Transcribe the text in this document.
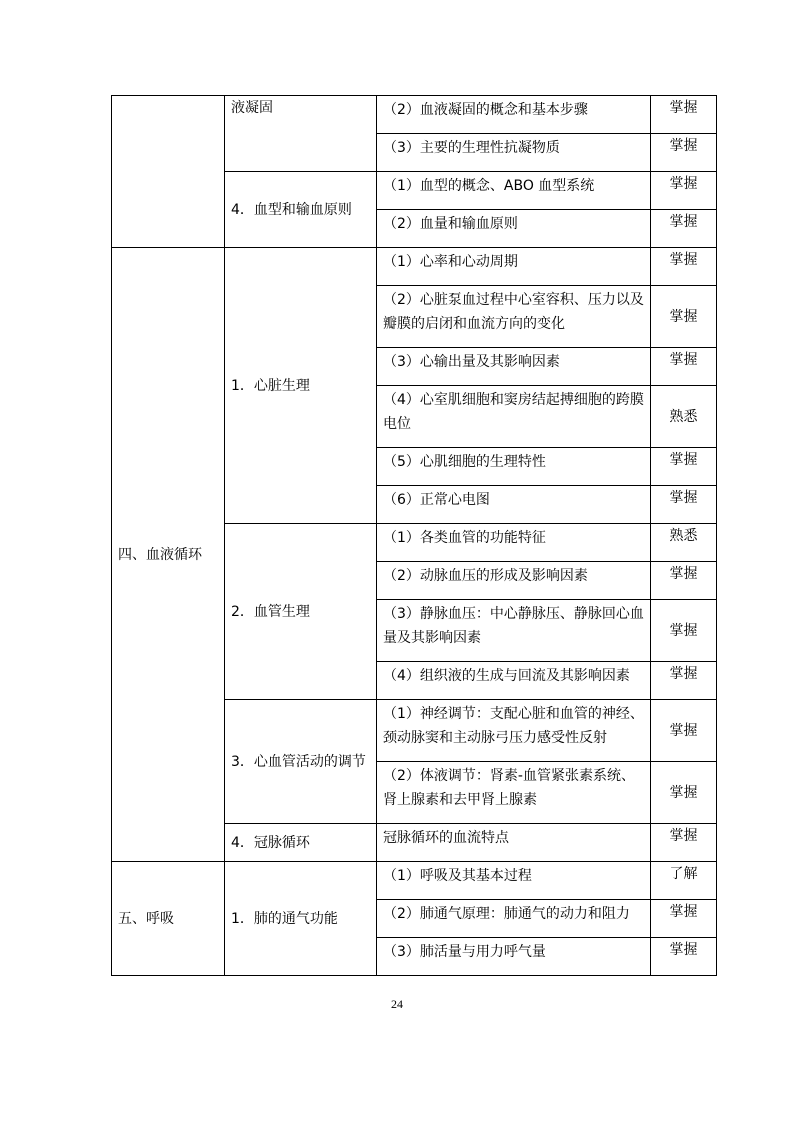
	液凝固	（2）血液凝固的概念和基本步骤	掌握
		（3）主要的生理性抗凝物质	掌握
	4．血型和输血原则	（1）血型的概念、ABO 血型系统	掌握
		（2）血量和输血原则	掌握
四、血液循环	1．心脏生理	（1）心率和心动周期	掌握
		（2）心脏泵血过程中心室容积、压力以及瓣膜的启闭和血流方向的变化	掌握
		（3）心输出量及其影响因素	掌握
		（4）心室肌细胞和窦房结起搏细胞的跨膜电位	熟悉
		（5）心肌细胞的生理特性	掌握
		（6）正常心电图	掌握
	2．血管生理	（1）各类血管的功能特征	熟悉
		（2）动脉血压的形成及影响因素	掌握
		（3）静脉血压：中心静脉压、静脉回心血量及其影响因素	掌握
		（4）组织液的生成与回流及其影响因素	掌握
	3．心血管活动的调节	（1）神经调节：支配心脏和血管的神经、颈动脉窦和主动脉弓压力感受性反射	掌握
		（2）体液调节：肾素-血管紧张素系统、肾上腺素和去甲肾上腺素	掌握
	4．冠脉循环	冠脉循环的血流特点	掌握
五、呼吸	1．肺的通气功能	（1）呼吸及其基本过程	了解
		（2）肺通气原理：肺通气的动力和阻力	掌握
		（3）肺活量与用力呼气量	掌握
24
